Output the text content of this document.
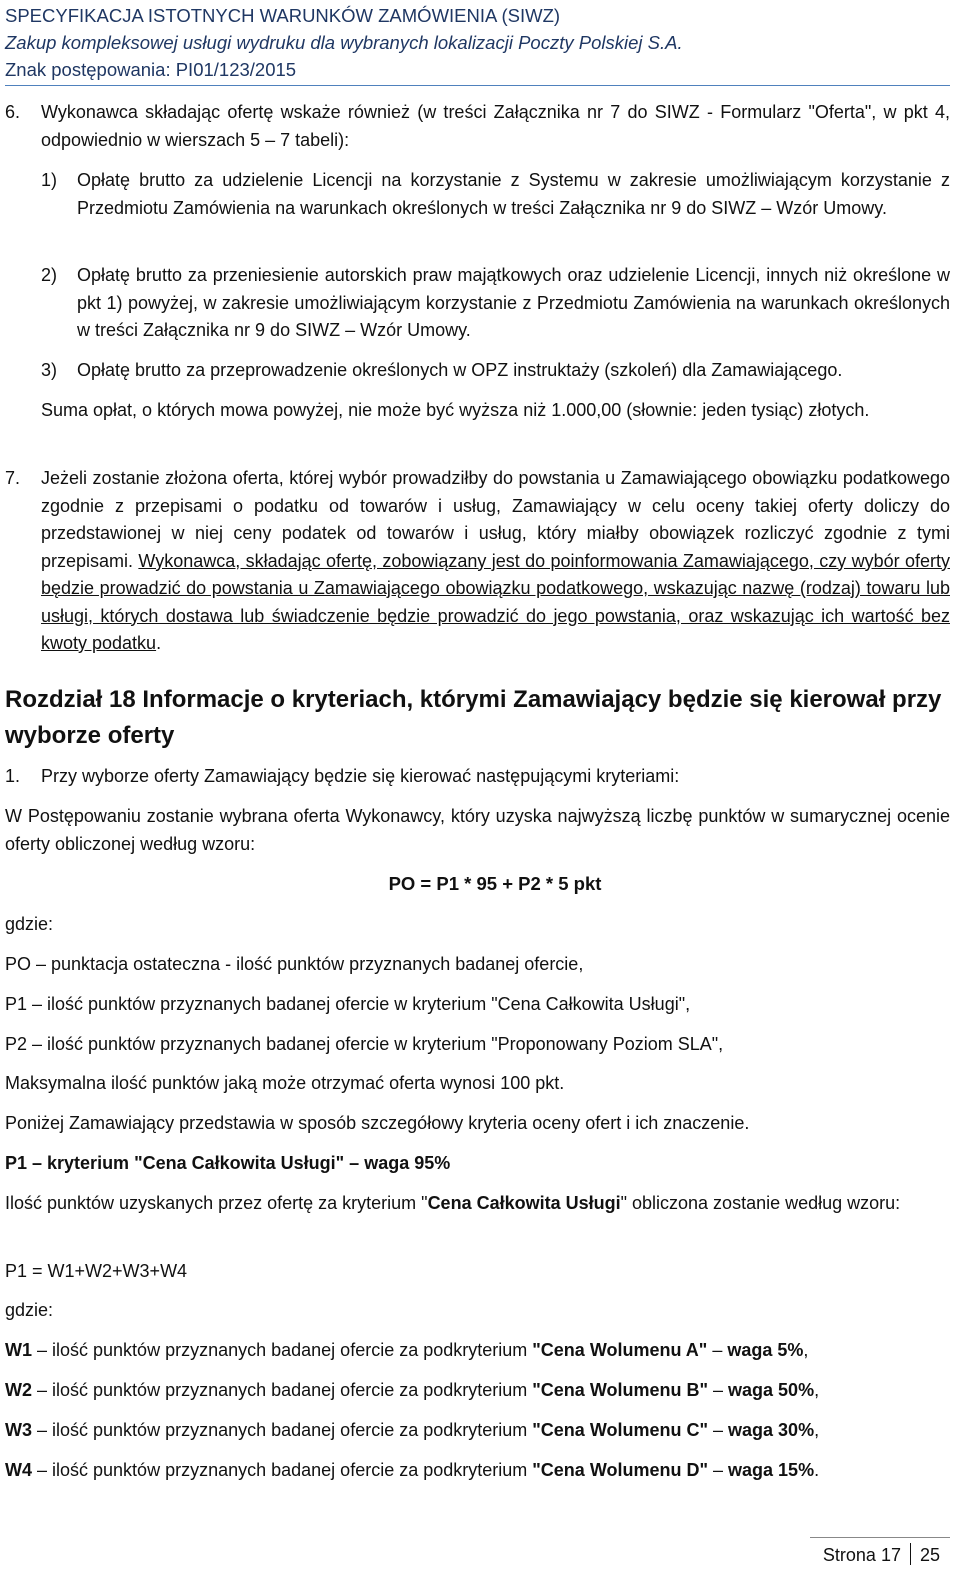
SPECYFIKACJA ISTOTNYCH WARUNKÓW ZAMÓWIENIA (SIWZ)
Zakup kompleksowej usługi wydruku dla wybranych lokalizacji Poczty Polskiej S.A.
Znak postępowania: PI01/123/2015
6. Wykonawca składając ofertę wskaże również (w treści Załącznika nr 7 do SIWZ - Formularz "Oferta", w pkt 4, odpowiednio w wierszach 5 – 7 tabeli):
1) Opłatę brutto za udzielenie Licencji na korzystanie z Systemu w zakresie umożliwiającym korzystanie z Przedmiotu Zamówienia na warunkach określonych w treści Załącznika nr 9 do SIWZ – Wzór Umowy.
2) Opłatę brutto za przeniesienie autorskich praw majątkowych oraz udzielenie Licencji, innych niż określone w pkt 1) powyżej, w zakresie umożliwiającym korzystanie z Przedmiotu Zamówienia na warunkach określonych w treści Załącznika nr 9 do SIWZ – Wzór Umowy.
3) Opłatę brutto za przeprowadzenie określonych w OPZ instruktaży (szkoleń) dla Zamawiającego.
Suma opłat, o których mowa powyżej, nie może być wyższa niż 1.000,00 (słownie: jeden tysiąc) złotych.
7. Jeżeli zostanie złożona oferta, której wybór prowadziłby do powstania u Zamawiającego obowiązku podatkowego zgodnie z przepisami o podatku od towarów i usług, Zamawiający w celu oceny takiej oferty doliczy do przedstawionej w niej ceny podatek od towarów i usług, który miałby obowiązek rozliczyć zgodnie z tymi przepisami. Wykonawca, składając ofertę, zobowiązany jest do poinformowania Zamawiającego, czy wybór oferty będzie prowadzić do powstania u Zamawiającego obowiązku podatkowego, wskazując nazwę (rodzaj) towaru lub usługi, których dostawa lub świadczenie będzie prowadzić do jego powstania, oraz wskazując ich wartość bez kwoty podatku.
Rozdział 18 Informacje o kryteriach, którymi Zamawiający będzie się kierował przy wyborze oferty
1. Przy wyborze oferty Zamawiający będzie się kierować następującymi kryteriami:
W Postępowaniu zostanie wybrana oferta Wykonawcy, który uzyska najwyższą liczbę punktów w sumarycznej ocenie oferty obliczonej według wzoru:
PO = P1 * 95 + P2 * 5 pkt
gdzie:
PO – punktacja ostateczna - ilość punktów przyznanych badanej ofercie,
P1 – ilość punktów przyznanych badanej ofercie w kryterium "Cena Całkowita Usługi",
P2 – ilość punktów przyznanych badanej ofercie w kryterium "Proponowany Poziom SLA",
Maksymalna ilość punktów jaką może otrzymać oferta wynosi 100 pkt.
Poniżej Zamawiający przedstawia w sposób szczegółowy kryteria oceny ofert i ich znaczenie.
P1 – kryterium "Cena Całkowita Usługi" – waga 95%
Ilość punktów uzyskanych przez ofertę za kryterium "Cena Całkowita Usługi" obliczona zostanie według wzoru:
P1 = W1+W2+W3+W4
gdzie:
W1 – ilość punktów przyznanych badanej ofercie za podkryterium "Cena Wolumenu A" – waga 5%,
W2 – ilość punktów przyznanych badanej ofercie za podkryterium "Cena Wolumenu B" – waga 50%,
W3 – ilość punktów przyznanych badanej ofercie za podkryterium "Cena Wolumenu C" – waga 30%,
W4 – ilość punktów przyznanych badanej ofercie za podkryterium "Cena Wolumenu D" – waga 15%.
Strona 17 25
